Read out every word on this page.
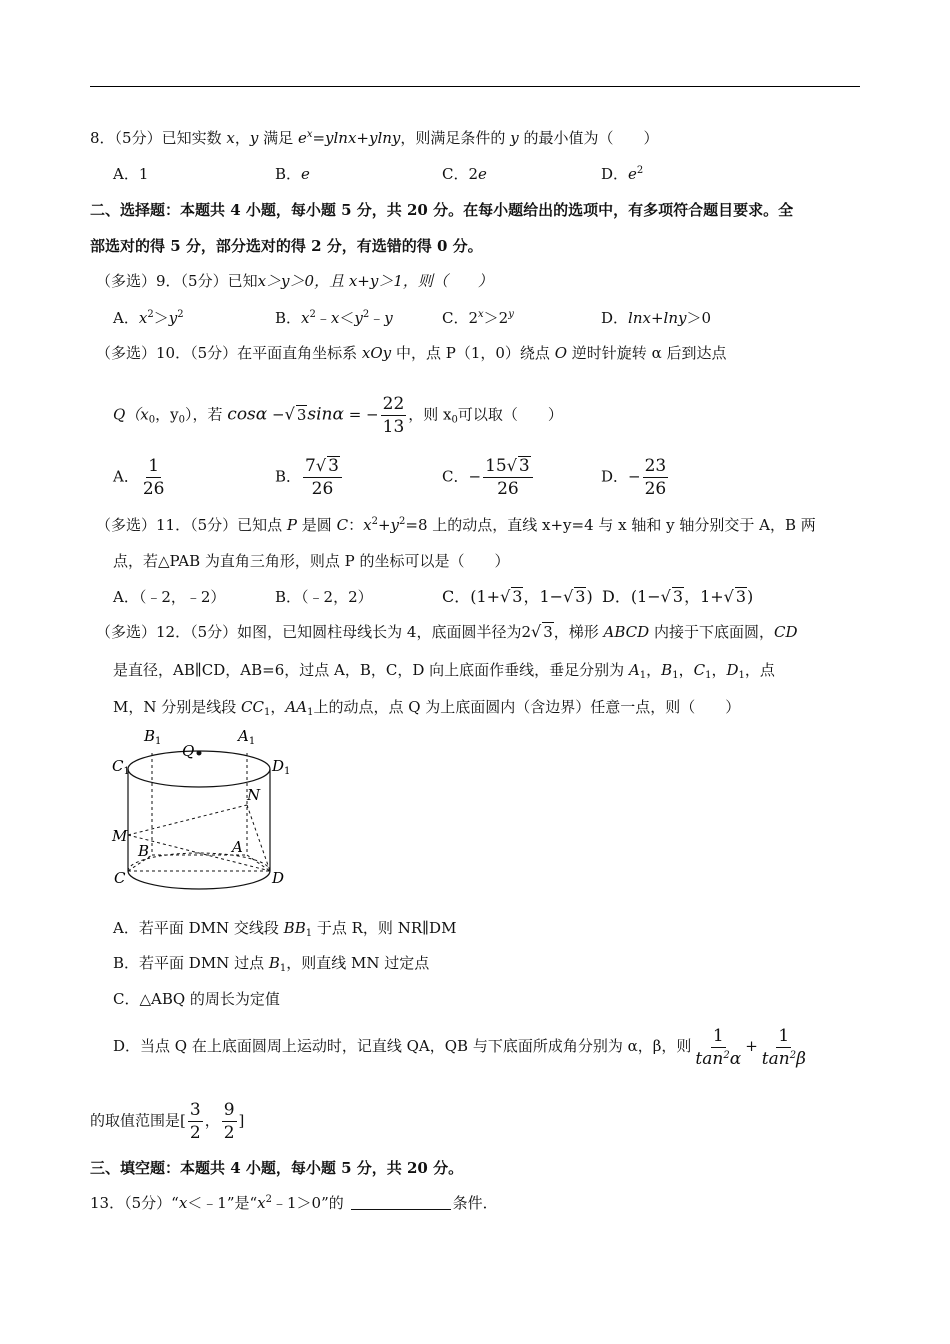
8．（5分）已知实数 x，y 满足 $e^x=ylnx+ylny$，则满足条件的 y 的最小值为（　　）
A．1	B．e	C．2e	D．$e^2$
二、选择题：本题共 4 小题，每小题 5 分，共 20 分。在每小题给出的选项中，有多项符合题目要求。全
部选对的得 5 分，部分选对的得 2 分，有选错的得 0 分。
（多选）9．（5分）已知x＞y＞0，且 x+y＞1，则（　　）
A．$x^2>y^2$	B．$x^2﹣x<y^2﹣y$	C．$2^x>2^y$	D．lnx+lny＞0
（多选）10．（5分）在平面直角坐标系 xOy 中，点 P（1，0）绕点 O 逆时针旋转 α 后到达点
$Q(x_0$，$y_0$），若 cosα −√ 3sinα = − $\frac{22}{13}$ ，则 $x_0$可以取（　　）
A． $\frac{1}{26}$	B． $\frac{7√ 3}{26}$	C．− $\frac{15√ 3}{26}$	D．− $\frac{23}{26}$
（多选）11．（5分）已知点 P 是圆 C：$x^2+y^2=8$ 上的动点，直线 x+y=4 与 x 轴和 y 轴分别交于 A，B 两
点，若△PAB 为直角三角形，则点 P 的坐标可以是（　　）
A．（﹣2，﹣2）	B．（﹣2，2）	C．(1+√ 3，1−√ 3) D．(1−√ 3，1+√ 3)
（多选）12．（5分）如图，已知圆柱母线长为 4，底面圆半径为2√ 3，梯形 ABCD 内接于下底面圆，CD
是直径，AB∥CD，AB=6，过点 A，B，C，D 向上底面作垂线，垂足分别为 $A_1$，$B_1$，$C_1$，$D_1$，点
M，N 分别是线段 $CC_1$，$AA_1$上的动点，点 Q 为上底面圆内（含边界）任意一点，则（　　）
$B_1$	$A_1$
Q
$C_1$	$D_1$
N
M
B	A
C	D
A．若平面 DMN 交线段 $BB_1$ 于点 R，则 NR∥DM
B．若平面 DMN 过点 $B_1$，则直线 MN 过定点
C．△ABQ 的周长为定值
D．当点 Q 在上底面圆周上运动时，记直线 QA，QB 与下底面所成角分别为 α，β，则 $\frac{1}{\tan^2\alpha} + \frac{1}{\tan^2\beta}$
的取值范围是[ $\frac{3}{2}$ ， $\frac{9}{2}$ ]
三、填空题：本题共 4 小题，每小题 5 分，共 20 分。
13．（5分）“x＜﹣1”是“$x^2﹣1>0$”的	条件．
